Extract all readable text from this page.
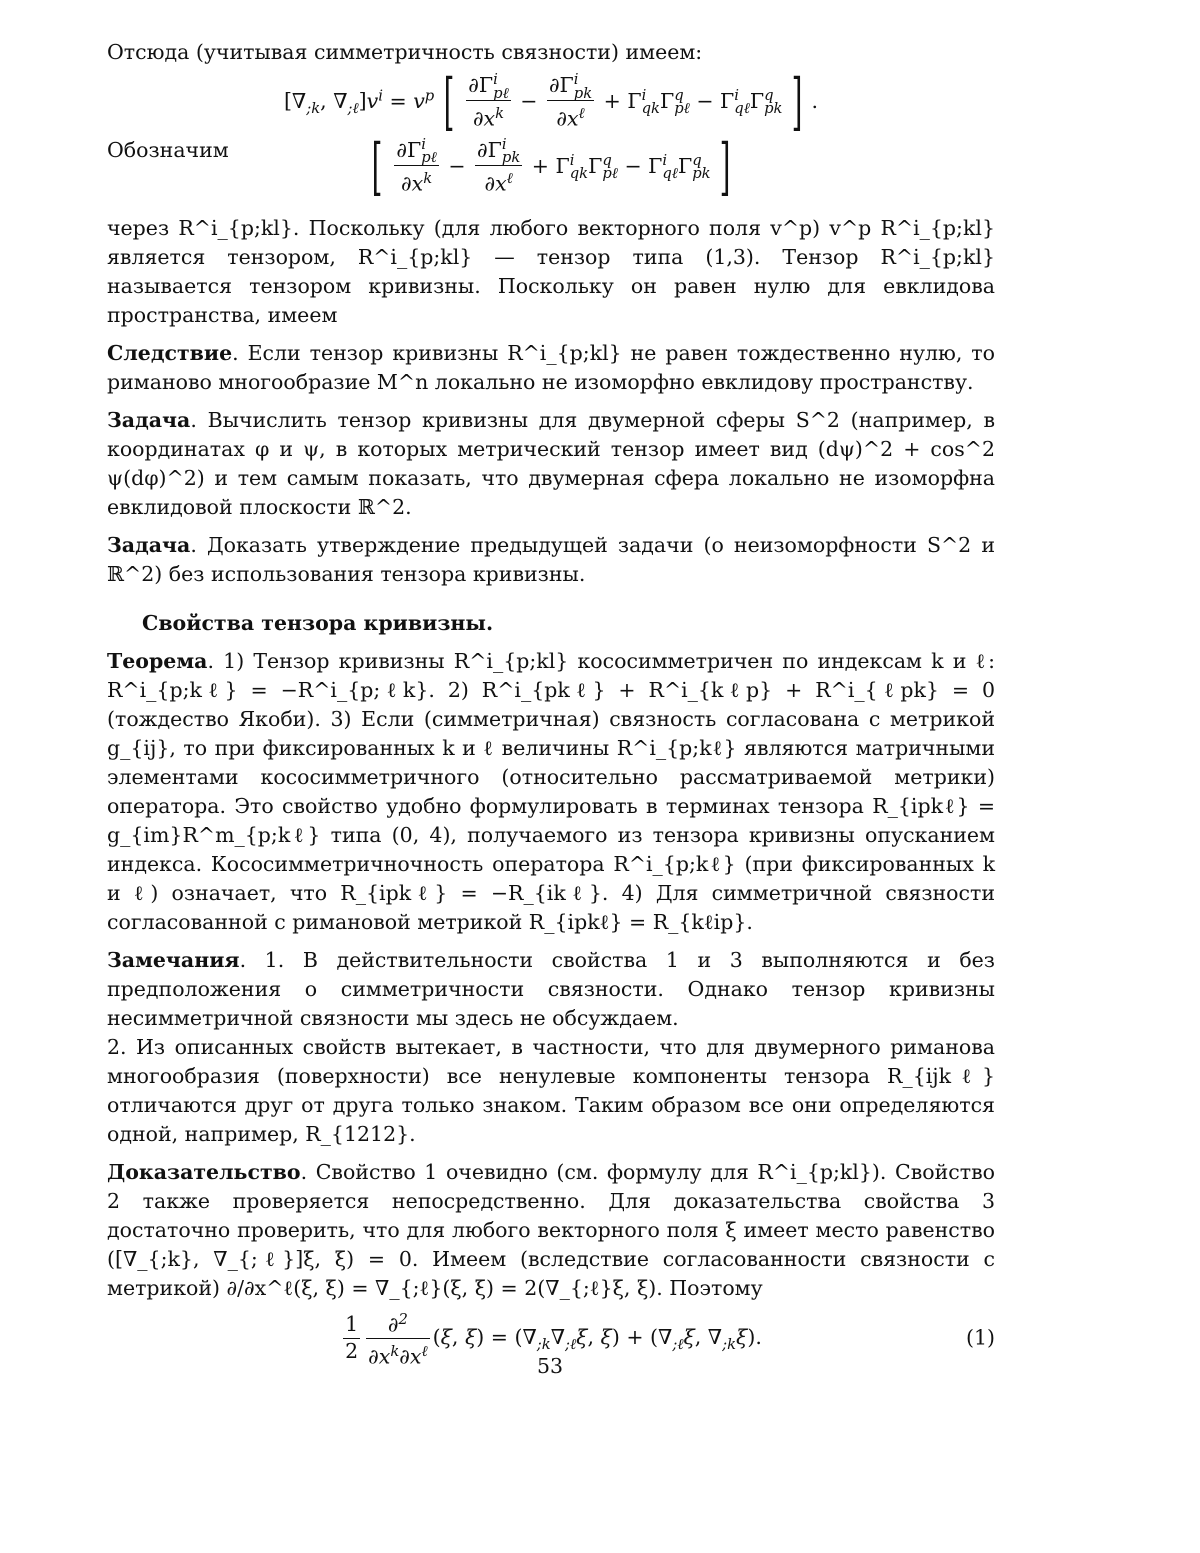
Отсюда (учитывая симметричность связности) имеем:

[$\nabla_{;k}$, $\nabla_{;\ell}]v^i = v^p$ [ ∂Γ i
pℓ
$\partial x^k - \partial\Gamma$ i
pk
$\partial x^\ell + \Gamma$ i
qk Γ q
pℓ − Γ i
qℓ Γ q
pk ] .
Обозначим	[ ∂Γ i
pℓ
$\partial x^k - \partial\Gamma$ i
pk
$\partial x^\ell + \Gamma$ i
qk Γ q
pℓ − Γ i
qℓ Γ q
pk ]

через R^i_{p;kl}. Поскольку (для любого векторного поля v^p) v^p R^i_{p;kl} является тензором, R^i_{p;kl} — тензор типа (1,3). Тензор R^i_{p;kl} называется тензором кривизны. Поскольку он равен нулю для евклидова пространства, имеем

Следствие. Если тензор кривизны R^i_{p;kl} не равен тождественно нулю, то риманово многообразие M^n локально не изоморфно евклидову пространству.

Задача. Вычислить тензор кривизны для двумерной сферы S^2 (например, в координатах φ и ψ, в которых метрический тензор имеет вид (dψ)^2 + cos^2 ψ(dφ)^2) и тем самым показать, что двумерная сфера локально не изоморфна евклидовой плоскости ℝ^2.

Задача. Доказать утверждение предыдущей задачи (о неизоморфности S^2 и ℝ^2) без использования тензора кривизны.

Свойства тензора кривизны.

Теорема. 1) Тензор кривизны R^i_{p;kl} кососимметричен по индексам k и ℓ: R^i_{p;kℓ} = −R^i_{p;ℓk}. 2) R^i_{pkℓ} + R^i_{kℓp} + R^i_{ℓpk} = 0 (тождество Якоби). 3) Если (симметричная) связность согласована с метрикой g_{ij}, то при фиксированных k и ℓ величины R^i_{p;kℓ} являются матричными элементами кососимметричного (относительно рассматриваемой метрики) оператора. Это свойство удобно формулировать в терминах тензора R_{ipkℓ} = g_{im}R^m_{p;kℓ} типа (0, 4), получаемого из тензора кривизны опусканием индекса. Кососимметричночность оператора R^i_{p;kℓ} (при фиксированных k и ℓ) означает, что R_{ipkℓ} = −R_{ikℓ}. 4) Для симметричной связности согласованной с римановой метрикой R_{ipkℓ} = R_{kℓip}.

Замечания. 1. В действительности свойства 1 и 3 выполняются и без предположения о симметричности связности. Однако тензор кривизны несимметричной связности мы здесь не обсуждаем.

2. Из описанных свойств вытекает, в частности, что для двумерного риманова многообразия (поверхности) все ненулевые компоненты тензора R_{ijkℓ} отличаются друг от друга только знаком. Таким образом все они определяются одной, например, R_{1212}.

Доказательство. Свойство 1 очевидно (см. формулу для R^i_{p;kl}). Свойство 2 также проверяется непосредственно. Для доказательства свойства 3 достаточно проверить, что для любого векторного поля ξ имеет место равенство ([∇_{;k}, ∇_{;ℓ}]ξ, ξ) = 0. Имеем (вследствие согласованности связности с метрикой) ∂/∂x^ℓ(ξ, ξ) = ∇_{;ℓ}(ξ, ξ) = 2(∇_{;ℓ}ξ, ξ). Поэтому

$\frac{1}{2} \frac{\partial^2}{\partial x^k\partial x^\ell} (\xi$, $\xi) = (\nabla_{;k}\nabla_{;\ell}\xi$, $\xi) + (\nabla_{;\ell}\xi$, $\nabla_{;k}\xi$).	(1)
53
